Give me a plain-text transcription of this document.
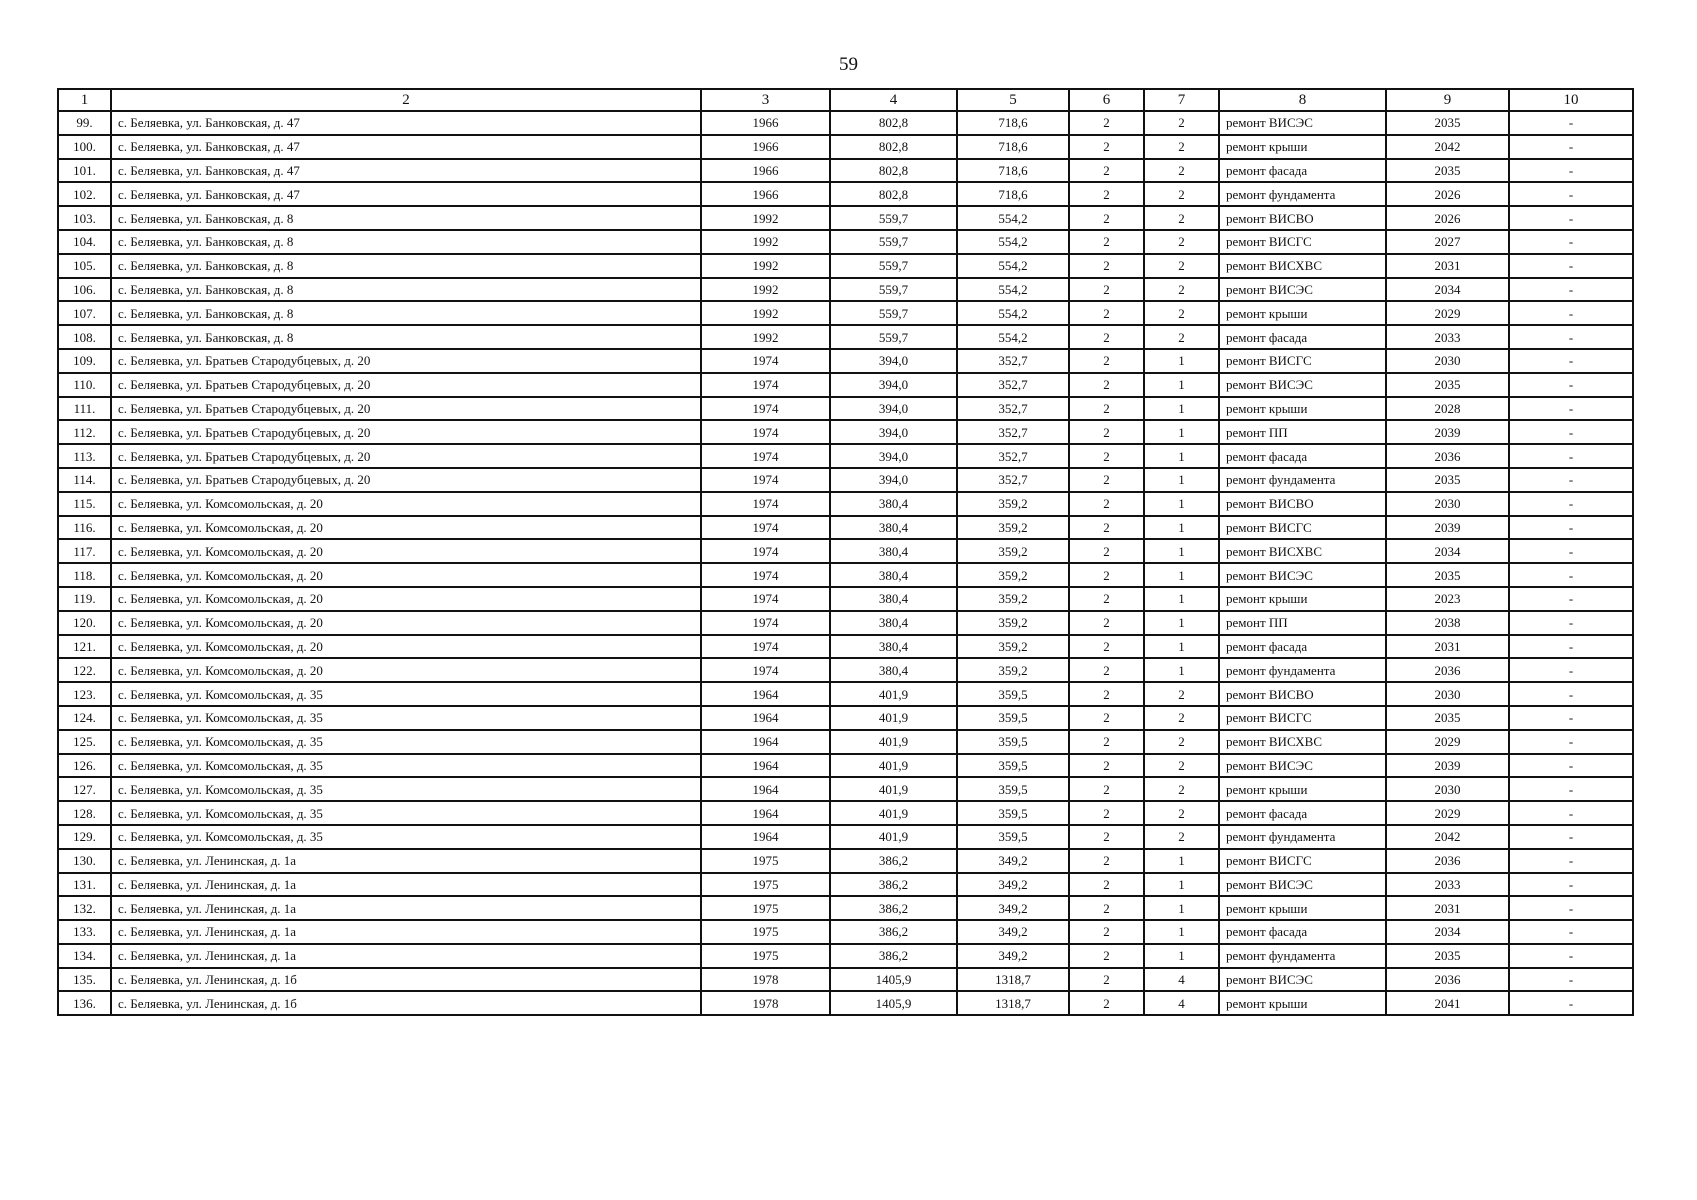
59
1	2	3	4	5	6	7	8	9	10
99.	с. Беляевка, ул. Банковская, д. 47	1966	802,8	718,6	2	2	ремонт ВИСЭС	2035	-
100.	с. Беляевка, ул. Банковская, д. 47	1966	802,8	718,6	2	2	ремонт крыши	2042	-
101.	с. Беляевка, ул. Банковская, д. 47	1966	802,8	718,6	2	2	ремонт фасада	2035	-
102.	с. Беляевка, ул. Банковская, д. 47	1966	802,8	718,6	2	2	ремонт фундамента	2026	-
103.	с. Беляевка, ул. Банковская, д. 8	1992	559,7	554,2	2	2	ремонт ВИСВО	2026	-
104.	с. Беляевка, ул. Банковская, д. 8	1992	559,7	554,2	2	2	ремонт ВИСГС	2027	-
105.	с. Беляевка, ул. Банковская, д. 8	1992	559,7	554,2	2	2	ремонт ВИСХВС	2031	-
106.	с. Беляевка, ул. Банковская, д. 8	1992	559,7	554,2	2	2	ремонт ВИСЭС	2034	-
107.	с. Беляевка, ул. Банковская, д. 8	1992	559,7	554,2	2	2	ремонт крыши	2029	-
108.	с. Беляевка, ул. Банковская, д. 8	1992	559,7	554,2	2	2	ремонт фасада	2033	-
109.	с. Беляевка, ул. Братьев Стародубцевых, д. 20	1974	394,0	352,7	2	1	ремонт ВИСГС	2030	-
110.	с. Беляевка, ул. Братьев Стародубцевых, д. 20	1974	394,0	352,7	2	1	ремонт ВИСЭС	2035	-
111.	с. Беляевка, ул. Братьев Стародубцевых, д. 20	1974	394,0	352,7	2	1	ремонт крыши	2028	-
112.	с. Беляевка, ул. Братьев Стародубцевых, д. 20	1974	394,0	352,7	2	1	ремонт ПП	2039	-
113.	с. Беляевка, ул. Братьев Стародубцевых, д. 20	1974	394,0	352,7	2	1	ремонт фасада	2036	-
114.	с. Беляевка, ул. Братьев Стародубцевых, д. 20	1974	394,0	352,7	2	1	ремонт фундамента	2035	-
115.	с. Беляевка, ул. Комсомольская, д. 20	1974	380,4	359,2	2	1	ремонт ВИСВО	2030	-
116.	с. Беляевка, ул. Комсомольская, д. 20	1974	380,4	359,2	2	1	ремонт ВИСГС	2039	-
117.	с. Беляевка, ул. Комсомольская, д. 20	1974	380,4	359,2	2	1	ремонт ВИСХВС	2034	-
118.	с. Беляевка, ул. Комсомольская, д. 20	1974	380,4	359,2	2	1	ремонт ВИСЭС	2035	-
119.	с. Беляевка, ул. Комсомольская, д. 20	1974	380,4	359,2	2	1	ремонт крыши	2023	-
120.	с. Беляевка, ул. Комсомольская, д. 20	1974	380,4	359,2	2	1	ремонт ПП	2038	-
121.	с. Беляевка, ул. Комсомольская, д. 20	1974	380,4	359,2	2	1	ремонт фасада	2031	-
122.	с. Беляевка, ул. Комсомольская, д. 20	1974	380,4	359,2	2	1	ремонт фундамента	2036	-
123.	с. Беляевка, ул. Комсомольская, д. 35	1964	401,9	359,5	2	2	ремонт ВИСВО	2030	-
124.	с. Беляевка, ул. Комсомольская, д. 35	1964	401,9	359,5	2	2	ремонт ВИСГС	2035	-
125.	с. Беляевка, ул. Комсомольская, д. 35	1964	401,9	359,5	2	2	ремонт ВИСХВС	2029	-
126.	с. Беляевка, ул. Комсомольская, д. 35	1964	401,9	359,5	2	2	ремонт ВИСЭС	2039	-
127.	с. Беляевка, ул. Комсомольская, д. 35	1964	401,9	359,5	2	2	ремонт крыши	2030	-
128.	с. Беляевка, ул. Комсомольская, д. 35	1964	401,9	359,5	2	2	ремонт фасада	2029	-
129.	с. Беляевка, ул. Комсомольская, д. 35	1964	401,9	359,5	2	2	ремонт фундамента	2042	-
130.	с. Беляевка, ул. Ленинская, д. 1а	1975	386,2	349,2	2	1	ремонт ВИСГС	2036	-
131.	с. Беляевка, ул. Ленинская, д. 1а	1975	386,2	349,2	2	1	ремонт ВИСЭС	2033	-
132.	с. Беляевка, ул. Ленинская, д. 1а	1975	386,2	349,2	2	1	ремонт крыши	2031	-
133.	с. Беляевка, ул. Ленинская, д. 1а	1975	386,2	349,2	2	1	ремонт фасада	2034	-
134.	с. Беляевка, ул. Ленинская, д. 1а	1975	386,2	349,2	2	1	ремонт фундамента	2035	-
135.	с. Беляевка, ул. Ленинская, д. 1б	1978	1405,9	1318,7	2	4	ремонт ВИСЭС	2036	-
136.	с. Беляевка, ул. Ленинская, д. 1б	1978	1405,9	1318,7	2	4	ремонт крыши	2041	-
